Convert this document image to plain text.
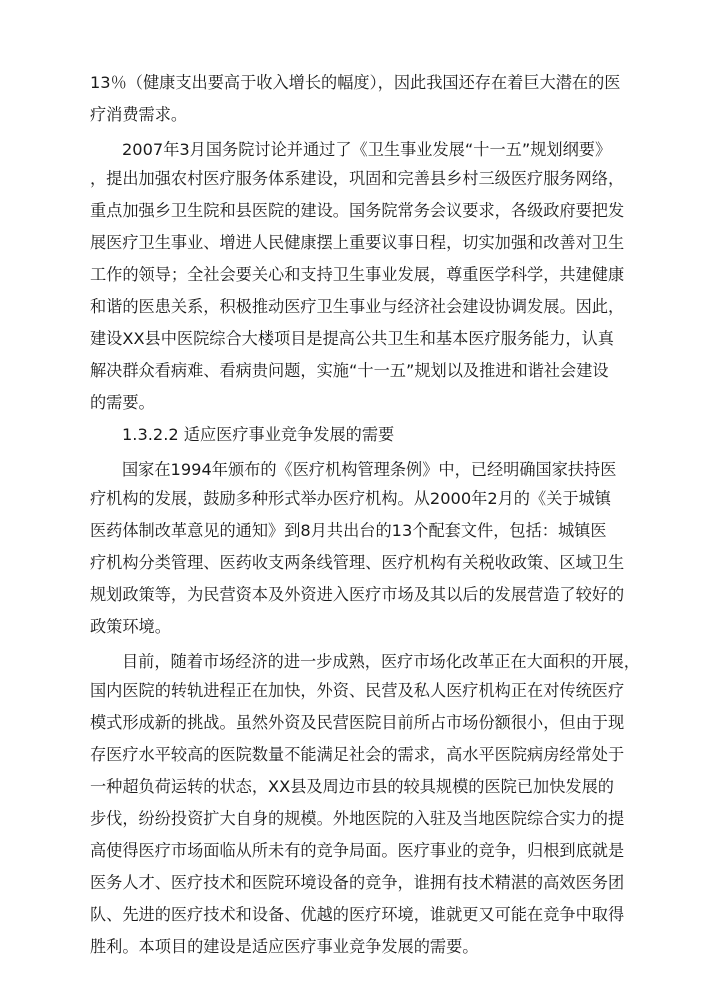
13％（健康支出要高于收入增长的幅度），因此我国还存在着巨大潜在的医

疗消费需求。

2007年3月国务院讨论并通过了《卫生事业发展“十一五”规划纲要》

，提出加强农村医疗服务体系建设，巩固和完善县乡村三级医疗服务网络，

重点加强乡卫生院和县医院的建设。国务院常务会议要求，各级政府要把发

展医疗卫生事业、增进人民健康摆上重要议事日程，切实加强和改善对卫生

工作的领导；全社会要关心和支持卫生事业发展，尊重医学科学，共建健康

和谐的医患关系，积极推动医疗卫生事业与经济社会建设协调发展。因此，

建设XX县中医院综合大楼项目是提高公共卫生和基本医疗服务能力，认真

解决群众看病难、看病贵问题，实施“十一五”规划以及推进和谐社会建设

的需要。

1.3.2.2 适应医疗事业竞争发展的需要

国家在1994年颁布的《医疗机构管理条例》中，已经明确国家扶持医

疗机构的发展，鼓励多种形式举办医疗机构。从2000年2月的《关于城镇

医药体制改革意见的通知》到8月共出台的13个配套文件，包括：城镇医

疗机构分类管理、医药收支两条线管理、医疗机构有关税收政策、区域卫生

规划政策等，为民营资本及外资进入医疗市场及其以后的发展营造了较好的

政策环境。

目前，随着市场经济的进一步成熟，医疗市场化改革正在大面积的开展，

国内医院的转轨进程正在加快，外资、民营及私人医疗机构正在对传统医疗

模式形成新的挑战。虽然外资及民营医院目前所占市场份额很小，但由于现

存医疗水平较高的医院数量不能满足社会的需求，高水平医院病房经常处于

一种超负荷运转的状态，XX县及周边市县的较具规模的医院已加快发展的

步伐，纷纷投资扩大自身的规模。外地医院的入驻及当地医院综合实力的提

高使得医疗市场面临从所未有的竞争局面。医疗事业的竞争，归根到底就是

医务人才、医疗技术和医院环境设备的竞争，谁拥有技术精湛的高效医务团

队、先进的医疗技术和设备、优越的医疗环境，谁就更又可能在竞争中取得

胜利。本项目的建设是适应医疗事业竞争发展的需要。
